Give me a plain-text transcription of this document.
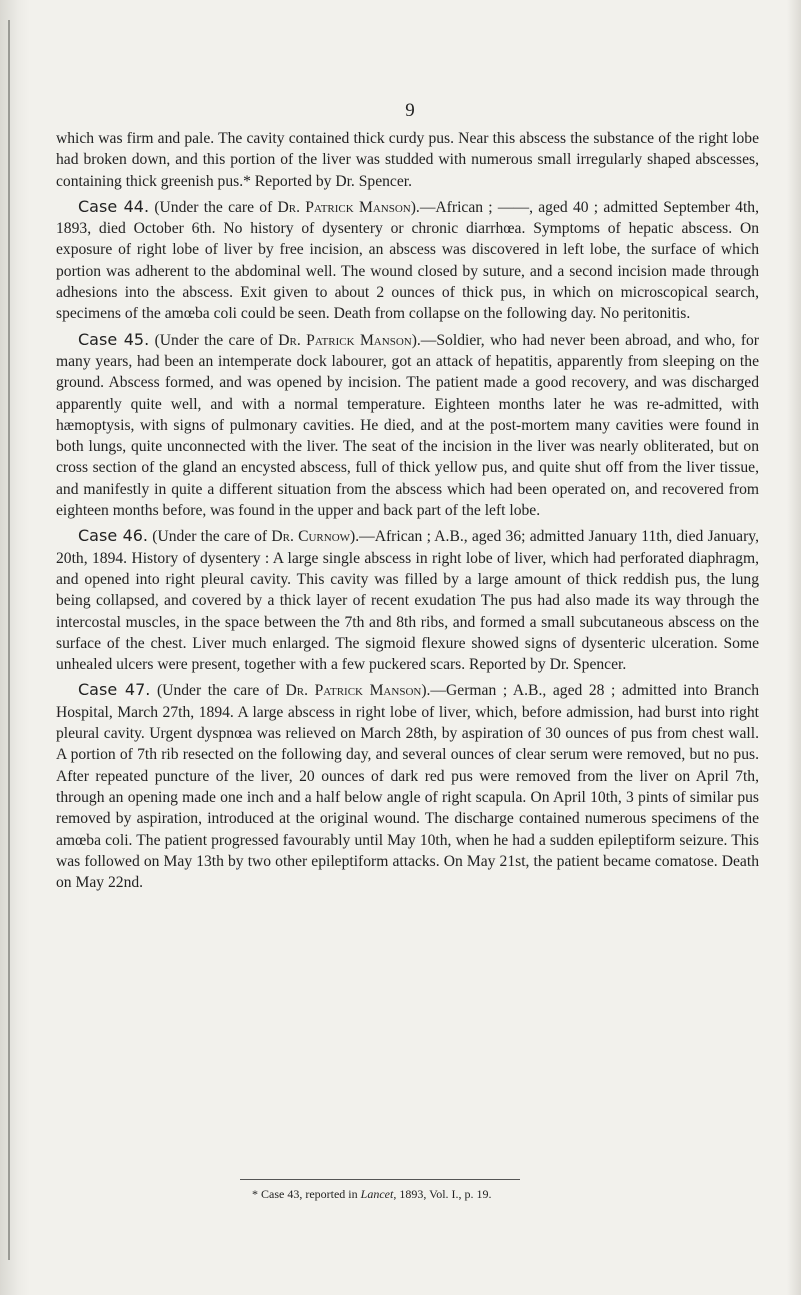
9

which was firm and pale. The cavity contained thick curdy pus. Near this abscess the substance of the right lobe had broken down, and this portion of the liver was studded with numerous small irregularly shaped abscesses, containing thick greenish pus.* Reported by Dr. Spencer.

Case 44. (Under the care of Dr. Patrick Manson).—African ; ——, aged 40 ; admitted September 4th, 1893, died October 6th. No history of dysentery or chronic diarrhœa. Symptoms of hepatic abscess. On exposure of right lobe of liver by free incision, an abscess was discovered in left lobe, the surface of which portion was adherent to the abdominal well. The wound closed by suture, and a second incision made through adhesions into the abscess. Exit given to about 2 ounces of thick pus, in which on microscopical search, specimens of the amœba coli could be seen. Death from collapse on the following day. No peritonitis.

Case 45. (Under the care of Dr. Patrick Manson).—Soldier, who had never been abroad, and who, for many years, had been an intemperate dock labourer, got an attack of hepatitis, apparently from sleeping on the ground. Abscess formed, and was opened by incision. The patient made a good recovery, and was discharged apparently quite well, and with a normal temperature. Eighteen months later he was re-admitted, with hæmoptysis, with signs of pulmonary cavities. He died, and at the post-mortem many cavities were found in both lungs, quite unconnected with the liver. The seat of the incision in the liver was nearly obliterated, but on cross section of the gland an encysted abscess, full of thick yellow pus, and quite shut off from the liver tissue, and manifestly in quite a different situation from the abscess which had been operated on, and recovered from eighteen months before, was found in the upper and back part of the left lobe.

Case 46. (Under the care of Dr. Curnow).—African ; A.B., aged 36; admitted January 11th, died January, 20th, 1894. History of dysentery : A large single abscess in right lobe of liver, which had perforated diaphragm, and opened into right pleural cavity. This cavity was filled by a large amount of thick reddish pus, the lung being collapsed, and covered by a thick layer of recent exudation The pus had also made its way through the intercostal muscles, in the space between the 7th and 8th ribs, and formed a small subcutaneous abscess on the surface of the chest. Liver much enlarged. The sigmoid flexure showed signs of dysenteric ulceration. Some unhealed ulcers were present, together with a few puckered scars. Reported by Dr. Spencer.

Case 47. (Under the care of Dr. Patrick Manson).—German ; A.B., aged 28 ; admitted into Branch Hospital, March 27th, 1894. A large abscess in right lobe of liver, which, before admission, had burst into right pleural cavity. Urgent dyspnœa was relieved on March 28th, by aspiration of 30 ounces of pus from chest wall. A portion of 7th rib resected on the following day, and several ounces of clear serum were removed, but no pus. After repeated puncture of the liver, 20 ounces of dark red pus were removed from the liver on April 7th, through an opening made one inch and a half below angle of right scapula. On April 10th, 3 pints of similar pus removed by aspiration, introduced at the original wound. The discharge contained numerous specimens of the amœba coli. The patient progressed favourably until May 10th, when he had a sudden epileptiform seizure. This was followed on May 13th by two other epileptiform attacks. On May 21st, the patient became comatose. Death on May 22nd.

* Case 43, reported in Lancet, 1893, Vol. I., p. 19.
